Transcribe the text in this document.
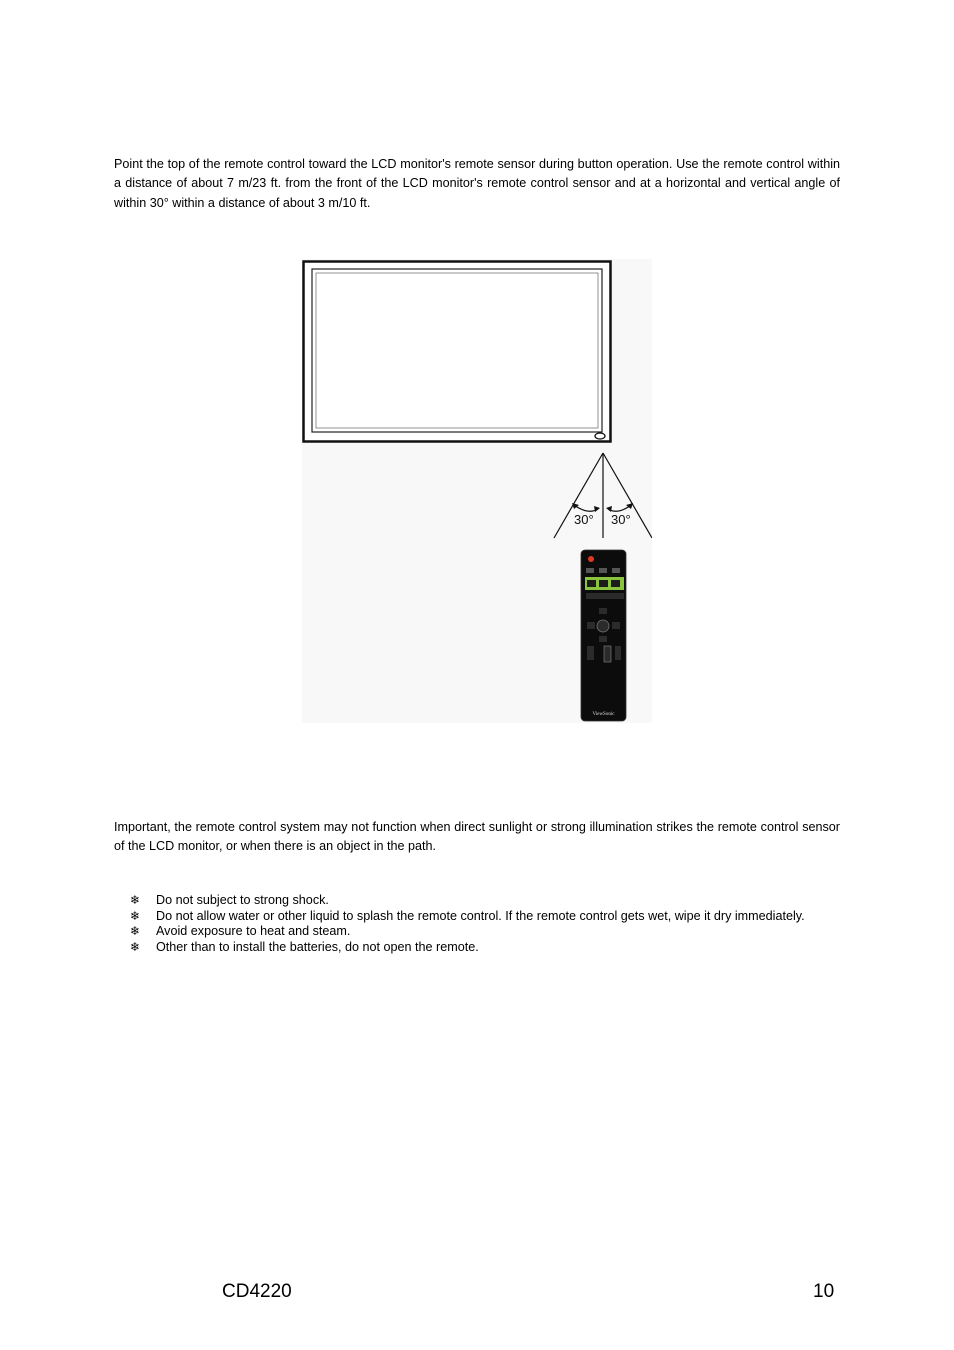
Point the top of the remote control toward the LCD monitor's remote sensor during button operation. Use the remote control within a distance of about 7 m/23 ft. from the front of the LCD monitor's remote control sensor and at a horizontal and vertical angle of within 30° within a distance of about 3 m/10 ft.

30° 30°
ViewSonic

Important, the remote control system may not function when direct sunlight or strong illumination strikes the remote control sensor of the LCD monitor, or when there is an object in the path.

❄ Do not subject to strong shock.
❄ Do not allow water or other liquid to splash the remote control. If the remote control gets wet, wipe it dry immediately.
❄ Avoid exposure to heat and steam.
❄ Other than to install the batteries, do not open the remote.
CD4220	10
